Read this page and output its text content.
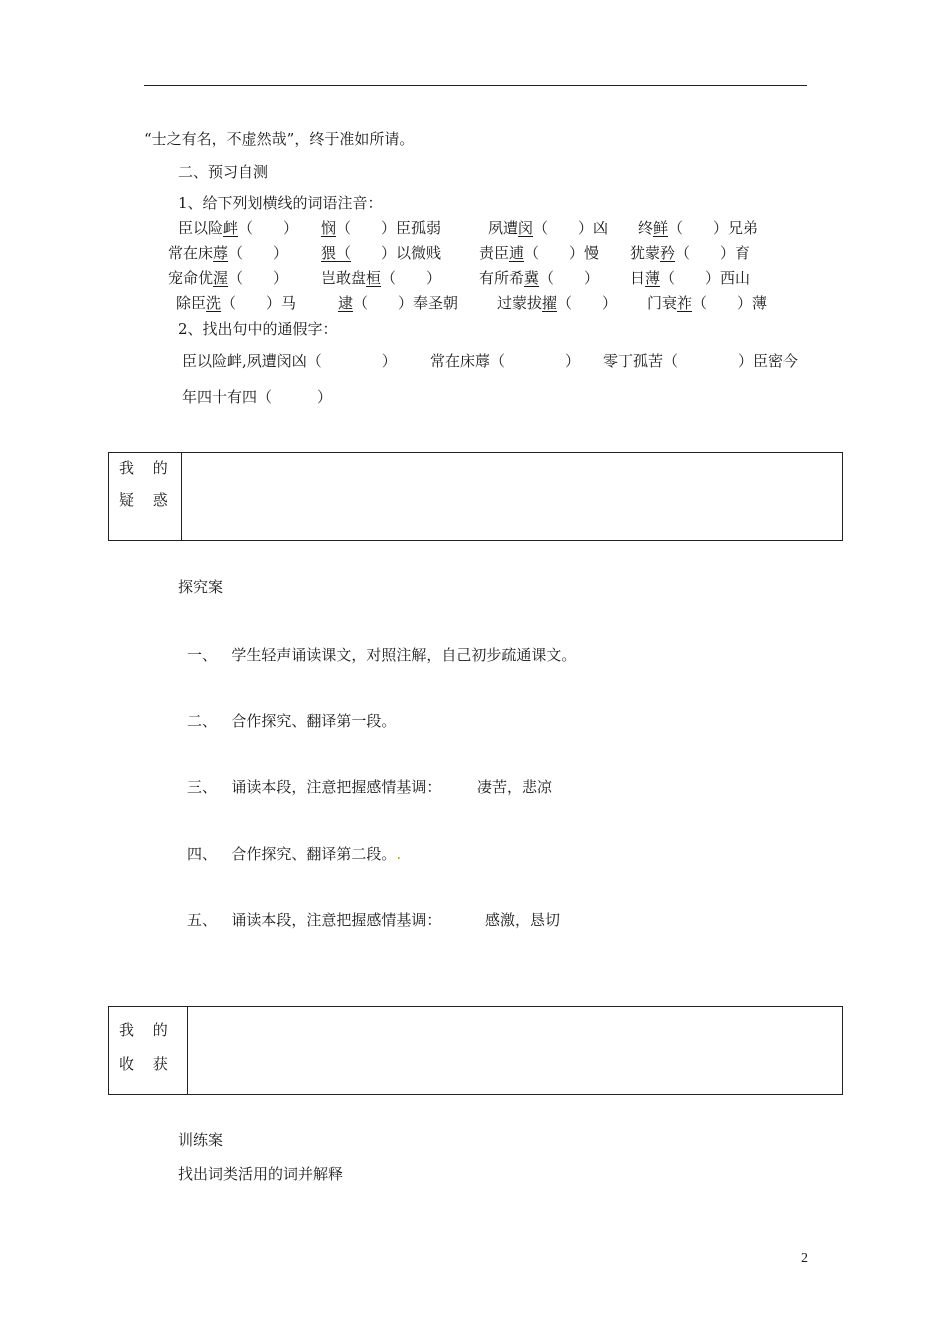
“士之有名，不虚然哉”，终于准如所请。
二、预习自测
1、给下列划横线的词语注音：
臣以险衅（　　） 悯（　　）臣孤弱	夙遭闵（　　）凶 终鲜（　　）兄弟
常在床蓐（　　） 猥（　　）以微贱	责臣逋（　　）慢 犹蒙矜（　　）育
宠命优渥（　　） 岂敢盘桓（　　）	有所希冀（　　） 日薄（　　）西山
除臣洗（　　）马	逮（　　）奉圣朝	过蒙拔擢（　　） 门衰祚（　　）薄
2、找出句中的通假字：
臣以险衅,夙遭闵凶（　　　　） 常在床蓐（　　　　） 零丁孤苦（　　　　）臣密今
年四十有四（　　　）
我 的
疑 惑
探究案
一、 学生轻声诵读课文，对照注解，自己初步疏通课文。
二、 合作探究、翻译第一段。
三、 诵读本段，注意把握感情基调： 凄苦，悲凉
四、 合作探究、翻译第二段。.
五、 诵读本段，注意把握感情基调：	感激，恳切
我 的
收 获
训练案
找出词类活用的词并解释
2
